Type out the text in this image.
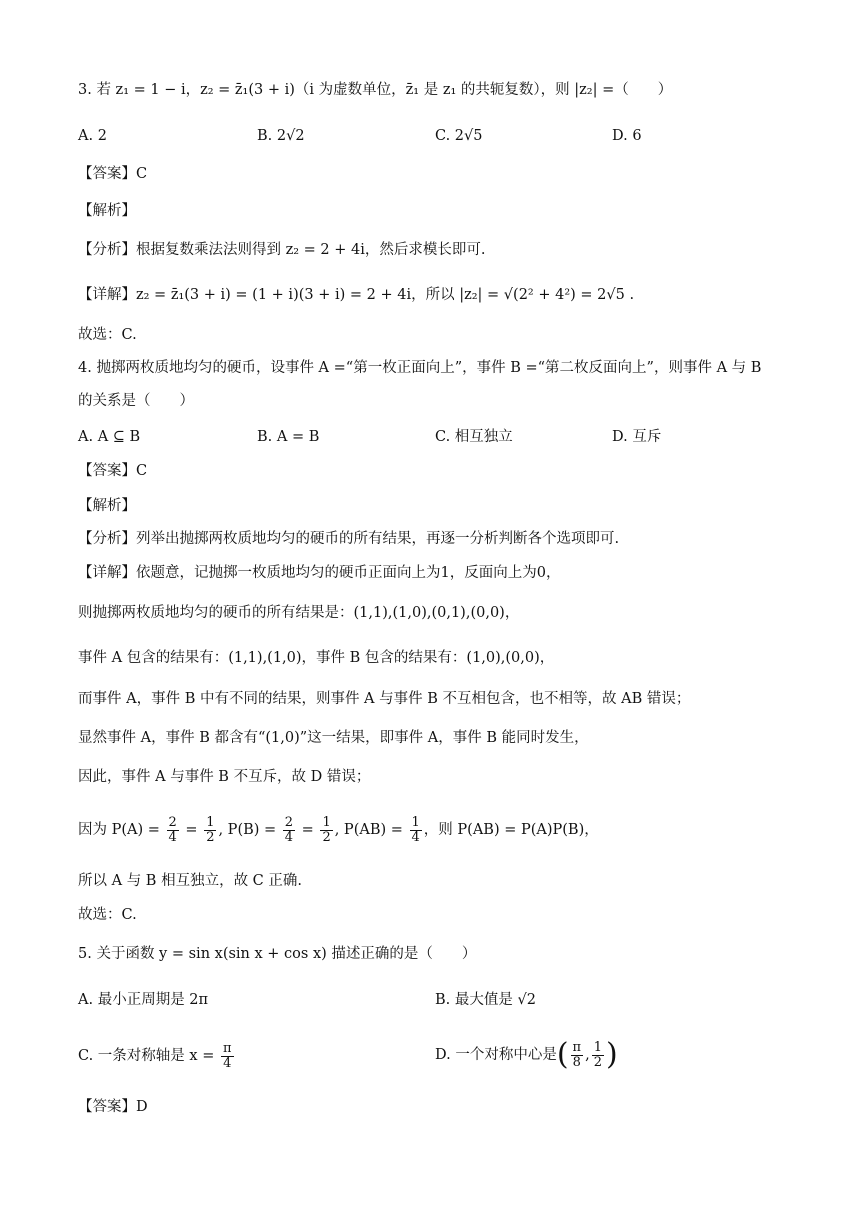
3. 若 z₁ = 1 − i，z₂ = z̄₁(3 + i)（i 为虚数单位，z̄₁ 是 z₁ 的共轭复数），则 |z₂| =（　　）
A. 2	B. 2√2	C. 2√5	D. 6
【答案】C
【解析】
【分析】根据复数乘法法则得到 z₂ = 2 + 4i，然后求模长即可.
【详解】z₂ = z̄₁(3 + i) = (1 + i)(3 + i) = 2 + 4i，所以 |z₂| = √(2² + 4²) = 2√5 .
故选：C.
4. 抛掷两枚质地均匀的硬币，设事件 A =“第一枚正面向上”，事件 B =“第二枚反面向上”，则事件 A 与 B
的关系是（　　）
A. A ⊆ B	B. A = B	C. 相互独立	D. 互斥
【答案】C
【解析】
【分析】列举出抛掷两枚质地均匀的硬币的所有结果，再逐一分析判断各个选项即可.
【详解】依题意，记抛掷一枚质地均匀的硬币正面向上为1，反面向上为0，
则抛掷两枚质地均匀的硬币的所有结果是：(1,1),(1,0),(0,1),(0,0)，
事件 A 包含的结果有：(1,1),(1,0)，事件 B 包含的结果有：(1,0),(0,0)，
而事件 A，事件 B 中有不同的结果，则事件 A 与事件 B 不互相包含，也不相等，故 AB 错误；
显然事件 A，事件 B 都含有“(1,0)”这一结果，即事件 A，事件 B 能同时发生，
因此，事件 A 与事件 B 不互斥，故 D 错误；
因为 $P(A) = \frac{2}{4} = \frac{1}{2}$ , $P(B) = \frac{2}{4} = \frac{1}{2}$ , $P(AB) = \frac{1}{4}$ ，则 P(AB) = P(A)P(B)，
所以 A 与 B 相互独立，故 C 正确.
故选：C.
5. 关于函数 y = sin x(sin x + cos x) 描述正确的是（　　）
A. 最小正周期是 2π	B. 最大值是 √2
C. 一条对称轴是 $x = \frac{\pi}{4}$	D. 一个对称中心是( $\frac{\pi}{8}$ , $\frac{1}{2}$ )
【答案】D
